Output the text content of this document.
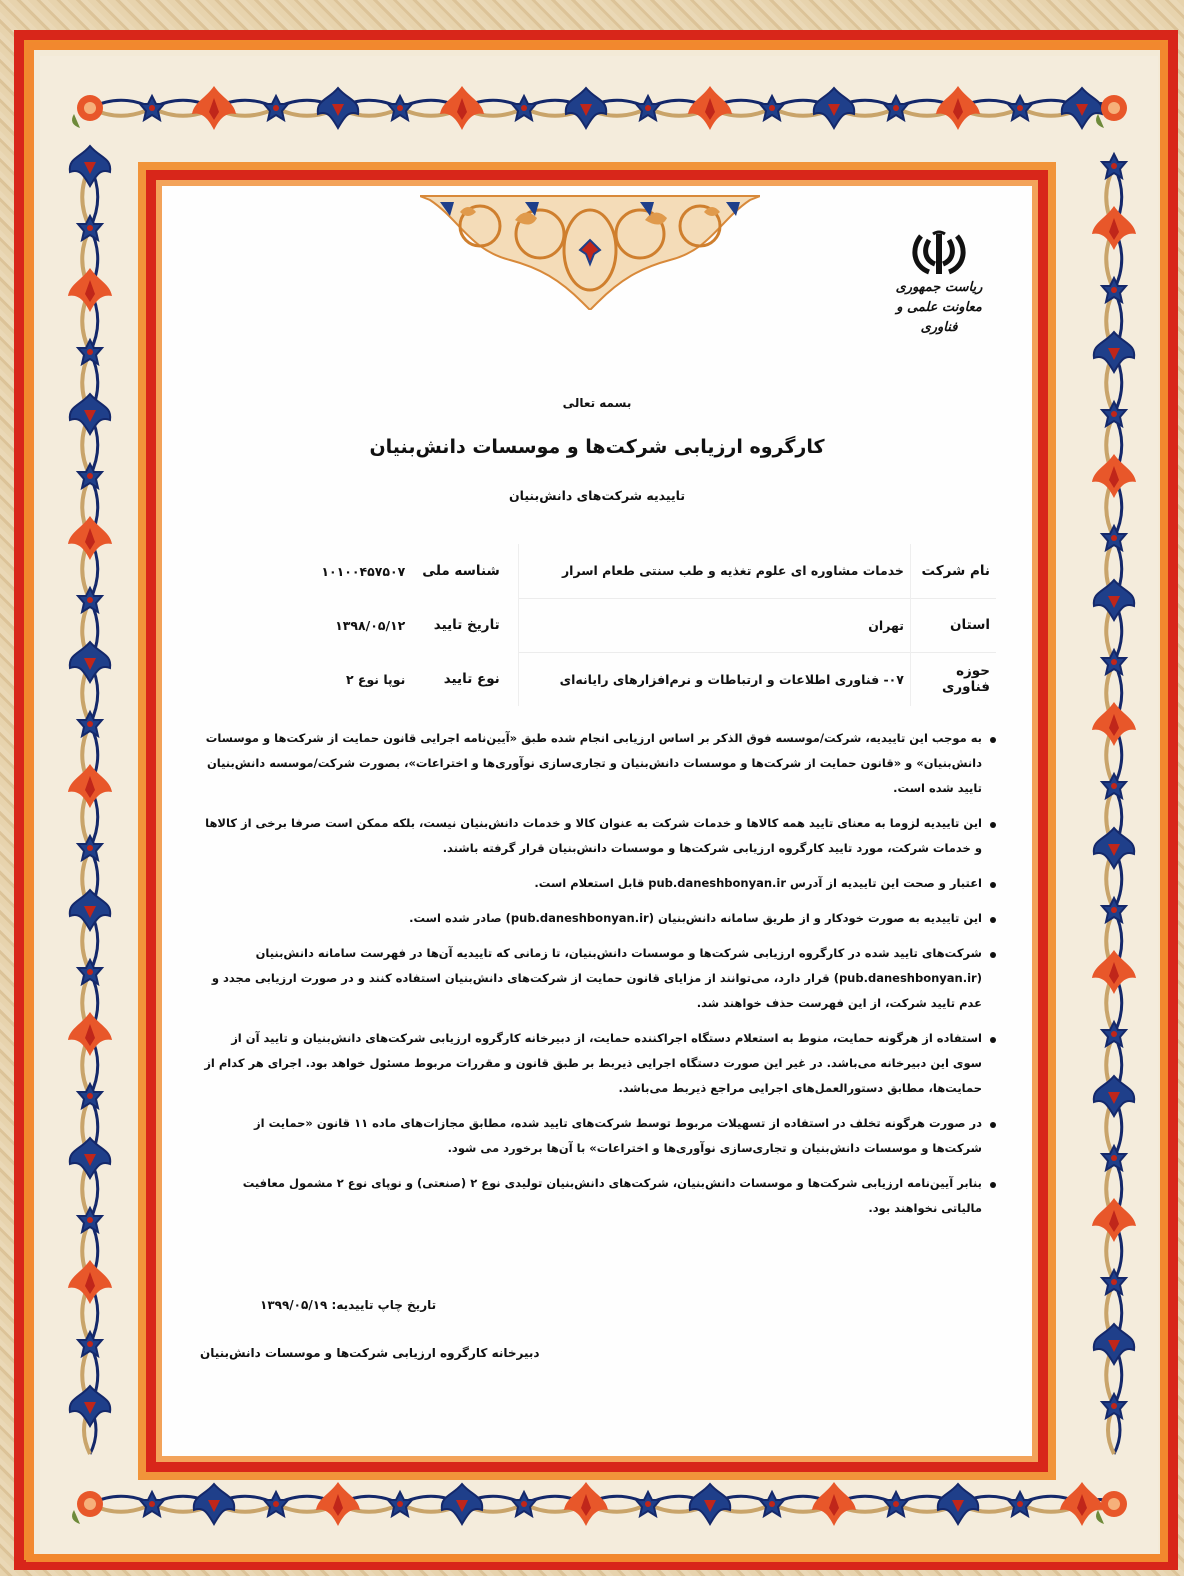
ریاست جمهوری
معاونت علمی و فناوری
بسمه تعالی
کارگروه ارزیابی شرکت‌ها و موسسات دانش‌بنیان
تاییدیه شرکت‌های دانش‌بنیان
نام شرکت	خدمات مشاوره ای علوم تغذیه و طب سنتی طعام اسرار	شناسه ملی	۱۰۱۰۰۴۵۷۵۰۷
استان	تهران	تاریخ تایید	۱۳۹۸/۰۵/۱۲
حوزه فناوری	۰۷- فناوری اطلاعات و ارتباطات و نرم‌افزارهای رایانه‌ای	نوع تایید	نوپا نوع ۲
به موجب این تاییدیه، شرکت/موسسه فوق الذکر بر اساس ارزیابی انجام شده طبق «آیین‌نامه اجرایی قانون حمایت از شرکت‌ها و موسسات دانش‌بنیان» و «قانون حمایت از شرکت‌ها و موسسات دانش‌بنیان و تجاری‌سازی نوآوری‌ها و اختراعات»، بصورت شرکت/موسسه دانش‌بنیان تایید شده است.
این تاییدیه لزوما به معنای تایید همه کالاها و خدمات شرکت به عنوان کالا و خدمات دانش‌بنیان نیست، بلکه ممکن است صرفا برخی از کالاها و خدمات شرکت، مورد تایید کارگروه ارزیابی شرکت‌ها و موسسات دانش‌بنیان قرار گرفته باشند.
اعتبار و صحت این تاییدیه از آدرس pub.daneshbonyan.ir قابل استعلام است.
این تاییدیه به صورت خودکار و از طریق سامانه دانش‌بنیان (pub.daneshbonyan.ir) صادر شده است.
شرکت‌های تایید شده در کارگروه ارزیابی شرکت‌ها و موسسات دانش‌بنیان، تا زمانی که تاییدیه آن‌ها در فهرست سامانه دانش‌بنیان (pub.daneshbonyan.ir) قرار دارد، می‌توانند از مزایای قانون حمایت از شرکت‌های دانش‌بنیان استفاده کنند و در صورت ارزیابی مجدد و عدم تایید شرکت، از این فهرست حذف خواهند شد.
استفاده از هرگونه حمایت، منوط به استعلام دستگاه اجراکننده حمایت، از دبیرخانه کارگروه ارزیابی شرکت‌های دانش‌بنیان و تایید آن از سوی این دبیرخانه می‌باشد. در غیر این صورت دستگاه اجرایی ذیربط بر طبق قانون و مقررات مربوط مسئول خواهد بود. اجرای هر کدام از حمایت‌ها، مطابق دستورالعمل‌های اجرایی مراجع ذیربط می‌باشد.
در صورت هرگونه تخلف در استفاده از تسهیلات مربوط توسط شرکت‌های تایید شده، مطابق مجازات‌های ماده ۱۱ قانون «حمایت از شرکت‌ها و موسسات دانش‌بنیان و تجاری‌سازی نوآوری‌ها و اختراعات» با آن‌ها برخورد می شود.
بنابر آیین‌نامه ارزیابی شرکت‌ها و موسسات دانش‌بنیان، شرکت‌های دانش‌بنیان تولیدی نوع ۲ (صنعتی) و نوپای نوع ۲ مشمول معافیت مالیاتی نخواهند بود.
تاریخ چاپ تاییدیه: ۱۳۹۹/۰۵/۱۹
دبیرخانه کارگروه ارزیابی شرکت‌ها و موسسات دانش‌بنیان
